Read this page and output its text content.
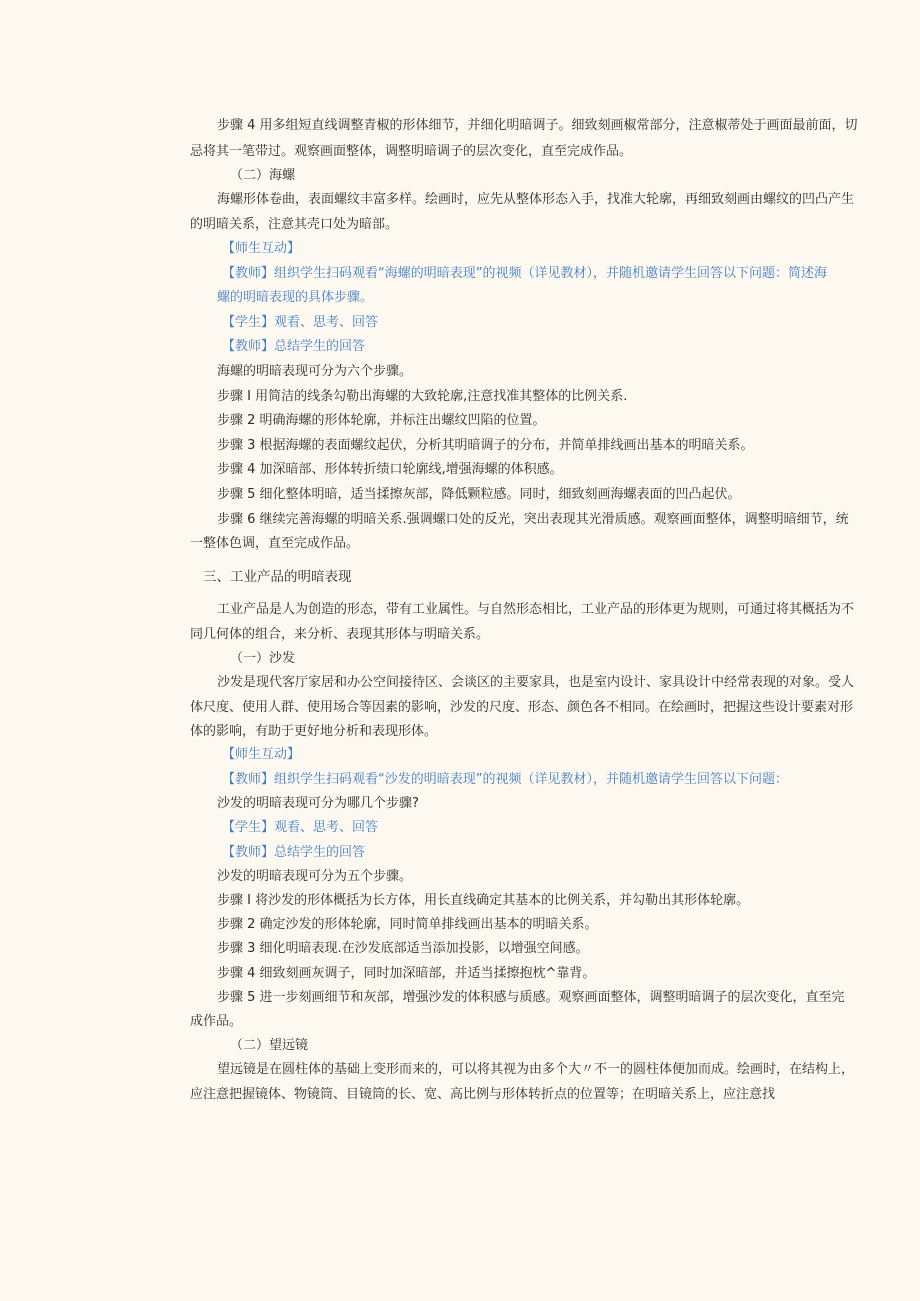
步骤 4 用多组短直线调整青椒的形体细节，并细化明暗调子。细致刻画椒常部分，注意椒蒂处于画面最前面，切

忌将其一笔带过。观察画面整体，调整明暗调子的层次变化，直至完成作品。

（二）海螺

海螺形体卷曲，表面螺纹丰富多样。绘画时，应先从整体形态入手，找准大轮廓，再细致刻画由螺纹的凹凸产生

的明暗关系，注意其壳口处为暗部。

【师生互动】

【教师】组织学生扫码观看“海螺的明暗表现”的视频（详见教材），并随机邀请学生回答以下问题：简述海

螺的明暗表现的具体步骤。

【学生】观看、思考、回答

【教师】总结学生的回答

海螺的明暗表现可分为六个步骤。

步骤 I 用简洁的线条勾勒出海螺的大致轮廓,注意找准其整体的比例关系.

步骤 2 明确海螺的形体轮廓，并标注出螺纹凹陷的位置。

步骤 3 根据海螺的表面螺纹起伏，分析其明暗调子的分布，并简单排线画出基本的明暗关系。

步骤 4 加深暗部、形体转折绩口轮廓线,增强海螺的体积感。

步骤 5 细化整体明暗，适当揉擦灰部，降低颗粒感。同时，细致刻画海螺表面的凹凸起伏。

步骤 6 继续完善海螺的明暗关系.强调螺口处的反光，突出表现其光滑质感。观察画面整体，调整明暗细节，统

一整体色调，直至完成作品。

三、工业产品的明暗表现

工业产品是人为创造的形态，带有工业属性。与自然形态相比，工业产品的形体更为规则，可通过将其概括为不

同几何体的组合，来分析、表现其形体与明暗关系。

（一）沙发

沙发是现代客厅家居和办公空间接待区、会谈区的主要家具，也是室内设计、家具设计中经常表现的对象。受人

体尺度、使用人群、使用场合等因素的影响，沙发的尺度、形态、颜色各不相同。在绘画时，把握这些设计要素对形

体的影响，有助于更好地分析和表现形体。

【师生互动】

【教师】组织学生扫码观看“沙发的明暗表现”的视频（详见教材），并随机邀请学生回答以下问题：

沙发的明暗表现可分为哪几个步骤?

【学生】观看、思考、回答

【教师】总结学生的回答

沙发的明暗表现可分为五个步骤。

步骤 I 将沙发的形体概括为长方体，用长直线确定其基本的比例关系，并勾勒出其形体轮廓。

步骤 2 确定沙发的形体轮廓，同时简单排线画出基本的明暗关系。

步骤 3 细化明暗表现.在沙发底部适当添加投影，以增强空间感。

步骤 4 细致刻画灰调子，同时加深暗部，并适当揉擦抱枕^靠背。

步骤 5 进一步刻画细节和灰部，增强沙发的体积感与质感。观察画面整体，调整明暗调子的层次变化，直至完

成作品。

（二）望远镜

望远镜是在圆柱体的基础上变形而来的，可以将其视为由多个大〃不一的圆柱体便加而成。绘画时，在结构上，

应注意把握镜体、物镜筒、目镜筒的长、宽、高比例与形体转折点的位置等；在明暗关系上，应注意找
